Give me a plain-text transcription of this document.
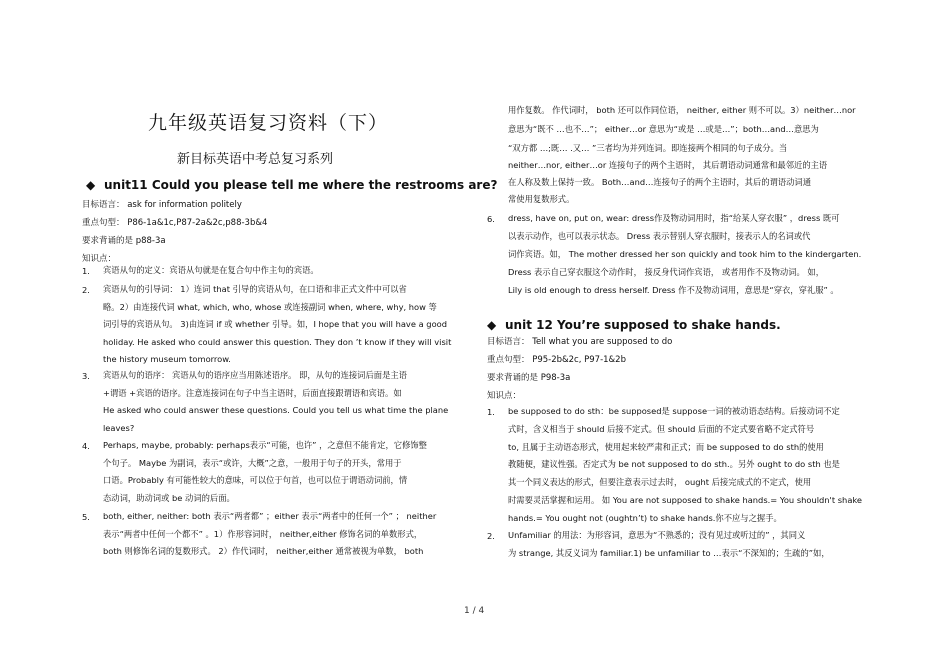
九年级英语复习资料（下）
新目标英语中考总复习系列
◆ unit11 Could you please tell me where the restrooms are?
目标语言： ask for information politely
重点句型： P86-1a&1c,P87-2a&2c,p88-3b&4
要求背诵的是 p88-3a
知识点：
1. 宾语从句的定义：宾语从句就是在复合句中作主句的宾语。
2. 宾语从句的引导词： 1）连词 that 引导的宾语从句，在口语和非正式文件中可以省
略。2）由连接代词 what, which, who, whose 或连接副词 when, where, why, how 等
词引导的宾语从句。 3)由连词 if 或 whether 引导。如，I hope that you will have a good
holiday. He asked who could answer this question. They don ’t know if they will visit
the history museum tomorrow.
3. 宾语从句的语序： 宾语从句的语序应当用陈述语序。 即，从句的连接词后面是主语
+谓语 +宾语的语序。注意连接词在句子中当主语时，后面直接跟谓语和宾语。如
He asked who could answer these questions. Could you tell us what time the plane
leaves?
4. Perhaps, maybe, probably: perhaps表示“可能，也许” ，之意但不能肯定，它修饰整
个句子。 Maybe 为副词，表示“或许，大概”之意，一般用于句子的开头，常用于
口语。Probably 有可能性较大的意味，可以位于句首，也可以位于谓语动词前，情
态动词，助动词或 be 动词的后面。
5. both, either, neither: both 表示“两者都” ；either 表示“两者中的任何一个” ； neither
表示“两者中任何一个都不” 。1）作形容词时， neither,either 修饰名词的单数形式，
both 则修饰名词的复数形式。 2）作代词时， neither,either 通常被视为单数， both
用作复数。 作代词时， both 还可以作同位语， neither, either 则不可以。3）neither…nor
意思为“既不 …也不…”； either…or 意思为“或是 …或是…”；both…and…意思为
“双方都 …;既… .又… ”三者均为并列连词。即连接两个相同的句子成分。当
neither…nor, either…or 连接句子的两个主语时， 其后谓语动词通常和最邻近的主语
在人称及数上保持一致。 Both…and…连接句子的两个主语时，其后的谓语动词通
常使用复数形式。
6. dress, have on, put on, wear: dress作及物动词用时，指“给某人穿衣服” ，dress 既可
以表示动作，也可以表示状态。 Dress 表示替别人穿衣服时，接表示人的名词或代
词作宾语。如， The mother dressed her son quickly and took him to the kindergarten.
Dress 表示自己穿衣服这个动作时， 接反身代词作宾语， 或者用作不及物动词。 如，
Lily is old enough to dress herself. Dress 作不及物动词用，意思是“穿衣，穿礼服” 。
◆ unit 12 You’re supposed to shake hands.
目标语言： Tell what you are supposed to do
重点句型： P95-2b&2c, P97-1&2b
要求背诵的是 P98-3a
知识点：
1. be supposed to do sth：be supposed是 suppose一词的被动语态结构。后接动词不定
式时，含义相当于 should 后接不定式。但 should 后面的不定式要省略不定式符号
to, 且属于主动语态形式，使用起来较严肃和正式；而 be supposed to do sth的使用
教随便，建议性强。否定式为 be not supposed to do sth.。另外 ought to do sth 也是
其一个同义表达的形式，但要注意表示过去时， ought 后接完成式的不定式，使用
时需要灵活掌握和运用。 如 You are not supposed to shake hands.= You shouldn't shake
hands.= You ought not (oughtn’t) to shake hands.你不应与之握手。
2. Unfamiliar 的用法：为形容词，意思为“不熟悉的；没有见过或听过的” ，其同义
为 strange, 其反义词为 familiar.1) be unfamiliar to …表示“不深知的；生疏的”如，
1 / 4
